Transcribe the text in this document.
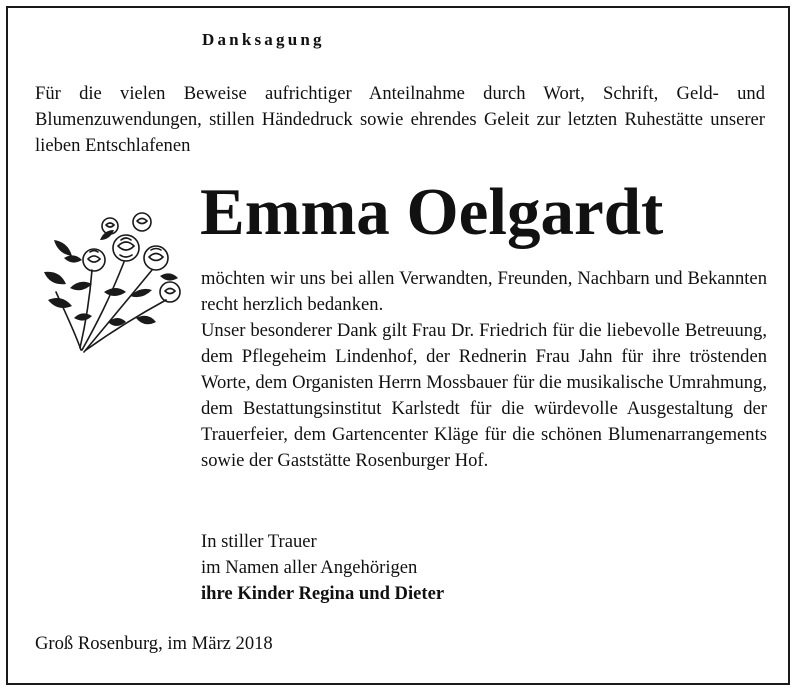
Danksagung
Für die vielen Beweise aufrichtiger Anteilnahme durch Wort, Schrift, Geld- und Blumenzuwendungen, stillen Händedruck sowie ehrendes Geleit zur letzten Ruhestätte unserer lieben Entschlafenen
Emma Oelgardt

möchten wir uns bei allen Verwandten, Freunden, Nachbarn und Bekannten recht herzlich bedanken.

Unser besonderer Dank gilt Frau Dr. Friedrich für die liebevolle Betreuung, dem Pflegeheim Lindenhof, der Rednerin Frau Jahn für ihre tröstenden Worte, dem Organisten Herrn Mossbauer für die musikalische Umrahmung, dem Bestattungsinstitut Karlstedt für die würdevolle Ausgestaltung der Trauerfeier, dem Gartencenter Kläge für die schönen Blumenarrangements sowie der Gaststätte Rosenburger Hof.

In stiller Trauer
im Namen aller Angehörigen
ihre Kinder Regina und Dieter
Groß Rosenburg, im März 2018
